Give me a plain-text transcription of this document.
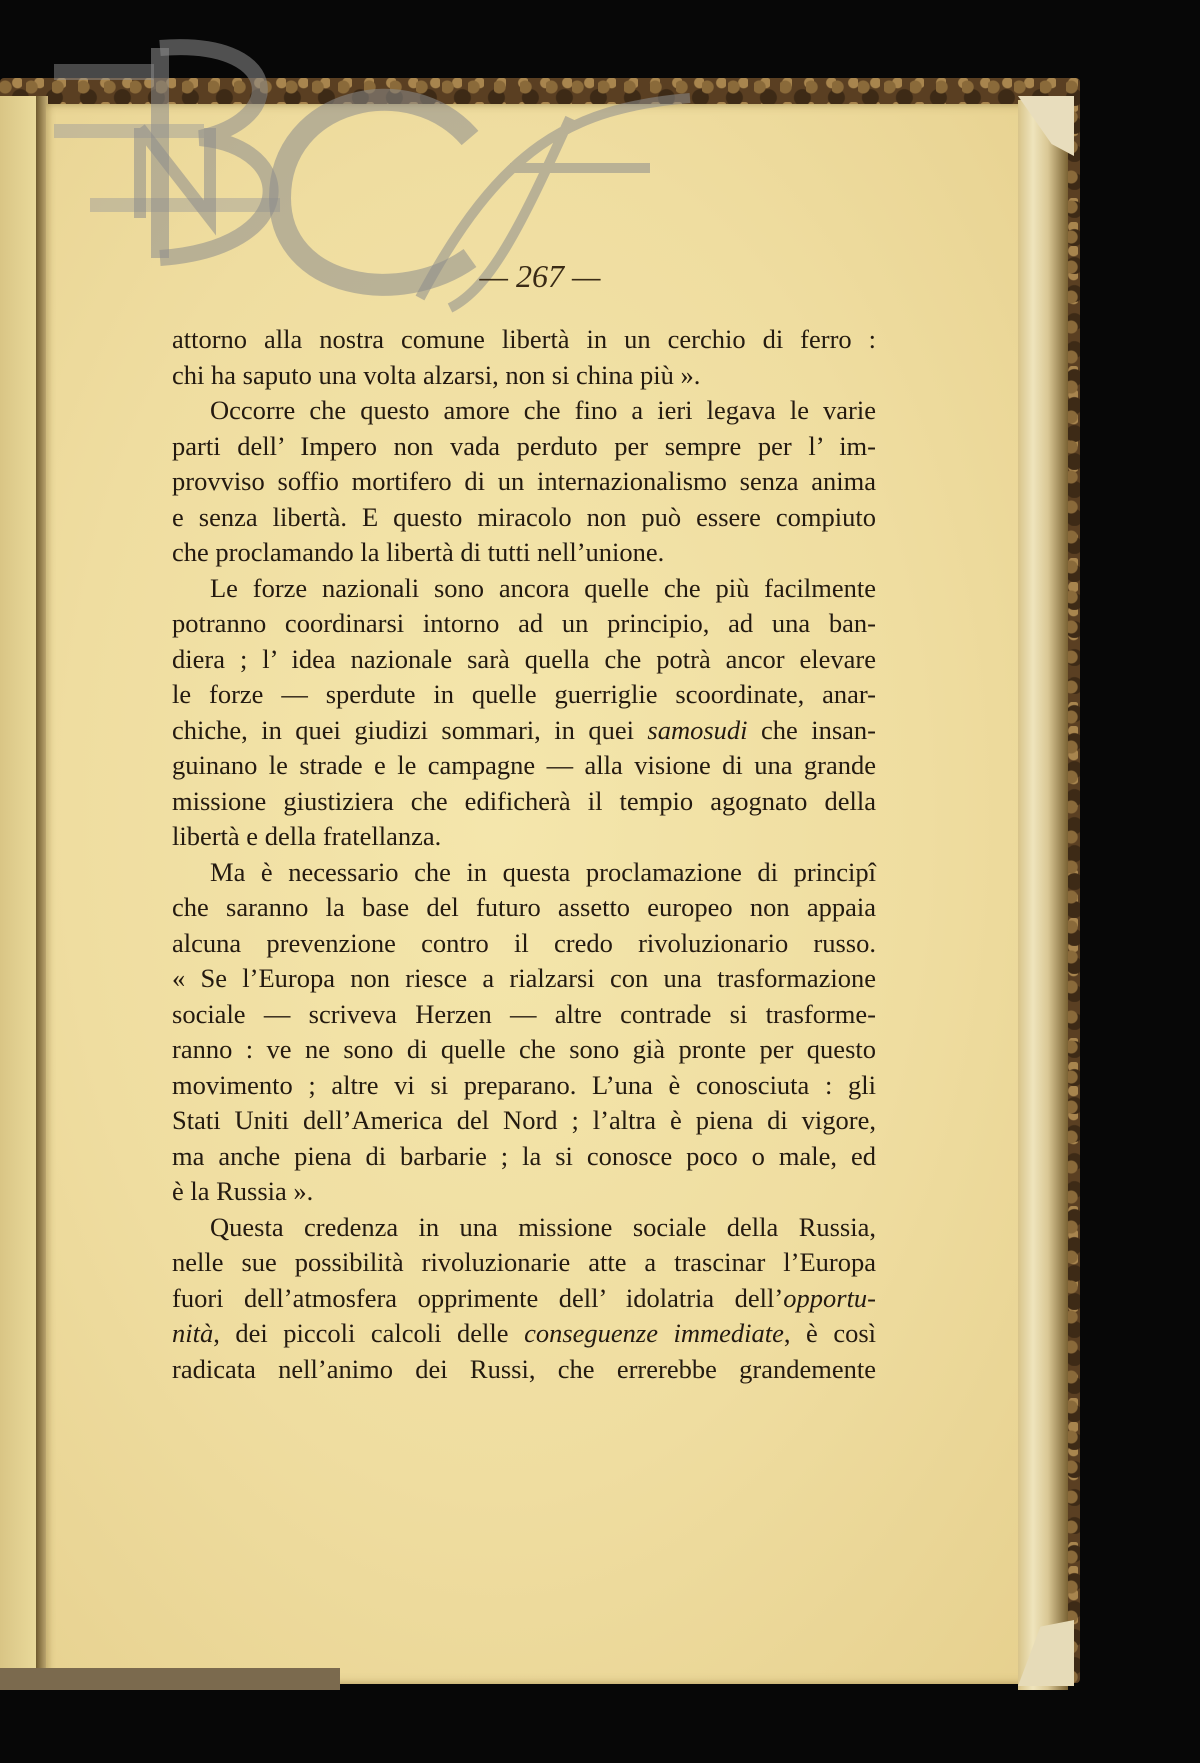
— 267 —
attorno alla nostra comune libertà in un cerchio di ferro :
chi ha saputo una volta alzarsi, non si china più ».
Occorre che questo amore che fino a ieri legava le varie
parti dell’ Impero non vada perduto per sempre per l’ im-
provviso soffio mortifero di un internazionalismo senza anima
e senza libertà. E questo miracolo non può essere compiuto
che proclamando la libertà di tutti nell’unione.
Le forze nazionali sono ancora quelle che più facilmente
potranno coordinarsi intorno ad un principio, ad una ban-
diera ; l’ idea nazionale sarà quella che potrà ancor elevare
le forze — sperdute in quelle guerriglie scoordinate, anar-
chiche, in quei giudizi sommari, in quei samosudi che insan-
guinano le strade e le campagne — alla visione di una grande
missione giustiziera che edificherà il tempio agognato della
libertà e della fratellanza.
Ma è necessario che in questa proclamazione di principî
che saranno la base del futuro assetto europeo non appaia
alcuna prevenzione contro il credo rivoluzionario russo.
« Se l’Europa non riesce a rialzarsi con una trasformazione
sociale — scriveva Herzen — altre contrade si trasforme-
ranno : ve ne sono di quelle che sono già pronte per questo
movimento ; altre vi si preparano. L’una è conosciuta : gli
Stati Uniti dell’America del Nord ; l’altra è piena di vigore,
ma anche piena di barbarie ; la si conosce poco o male, ed
è la Russia ».
Questa credenza in una missione sociale della Russia,
nelle sue possibilità rivoluzionarie atte a trascinar l’Europa
fuori dell’atmosfera opprimente dell’ idolatria dell’opportu-
nità, dei piccoli calcoli delle conseguenze immediate, è così
radicata nell’animo dei Russi, che errerebbe grandemente
